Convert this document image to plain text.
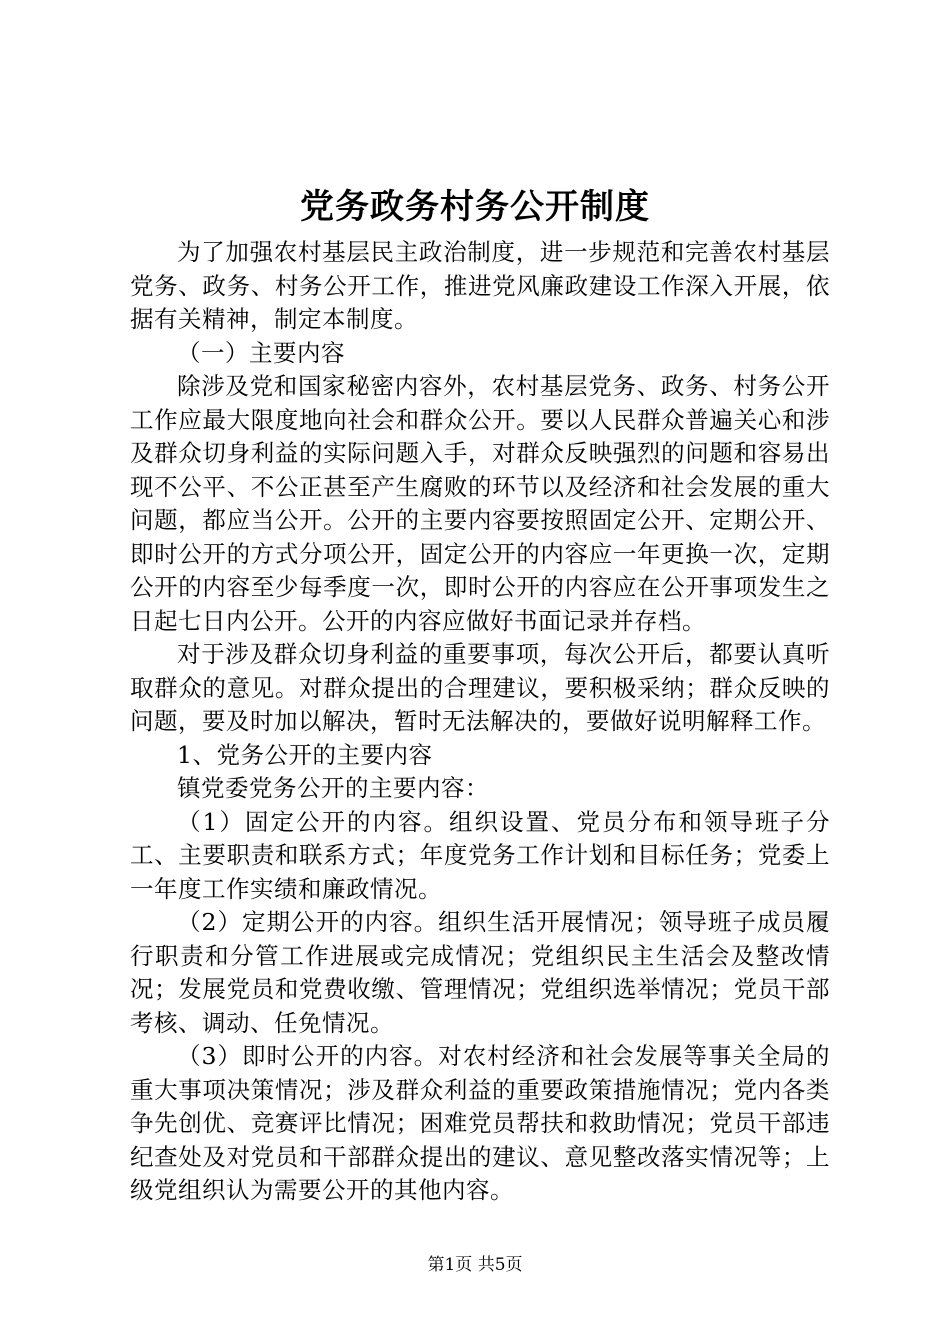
党务政务村务公开制度

为了加强农村基层民主政治制度，进一步规范和完善农村基层党务、政务、村务公开工作，推进党风廉政建设工作深入开展，依据有关精神，制定本制度。

（一）主要内容

除涉及党和国家秘密内容外，农村基层党务、政务、村务公开工作应最大限度地向社会和群众公开。要以人民群众普遍关心和涉及群众切身利益的实际问题入手，对群众反映强烈的问题和容易出现不公平、不公正甚至产生腐败的环节以及经济和社会发展的重大问题，都应当公开。公开的主要内容要按照固定公开、定期公开、即时公开的方式分项公开，固定公开的内容应一年更换一次，定期公开的内容至少每季度一次，即时公开的内容应在公开事项发生之日起七日内公开。公开的内容应做好书面记录并存档。

对于涉及群众切身利益的重要事项，每次公开后，都要认真听取群众的意见。对群众提出的合理建议，要积极采纳；群众反映的问题，要及时加以解决，暂时无法解决的，要做好说明解释工作。

1、党务公开的主要内容

镇党委党务公开的主要内容：

（1）固定公开的内容。组织设置、党员分布和领导班子分工、主要职责和联系方式；年度党务工作计划和目标任务；党委上一年度工作实绩和廉政情况。

（2）定期公开的内容。组织生活开展情况；领导班子成员履行职责和分管工作进展或完成情况；党组织民主生活会及整改情况；发展党员和党费收缴、管理情况；党组织选举情况；党员干部考核、调动、任免情况。

（3）即时公开的内容。对农村经济和社会发展等事关全局的重大事项决策情况；涉及群众利益的重要政策措施情况；党内各类争先创优、竞赛评比情况；困难党员帮扶和救助情况；党员干部违纪查处及对党员和干部群众提出的建议、意见整改落实情况等；上级党组织认为需要公开的其他内容。

第1页 共5页
